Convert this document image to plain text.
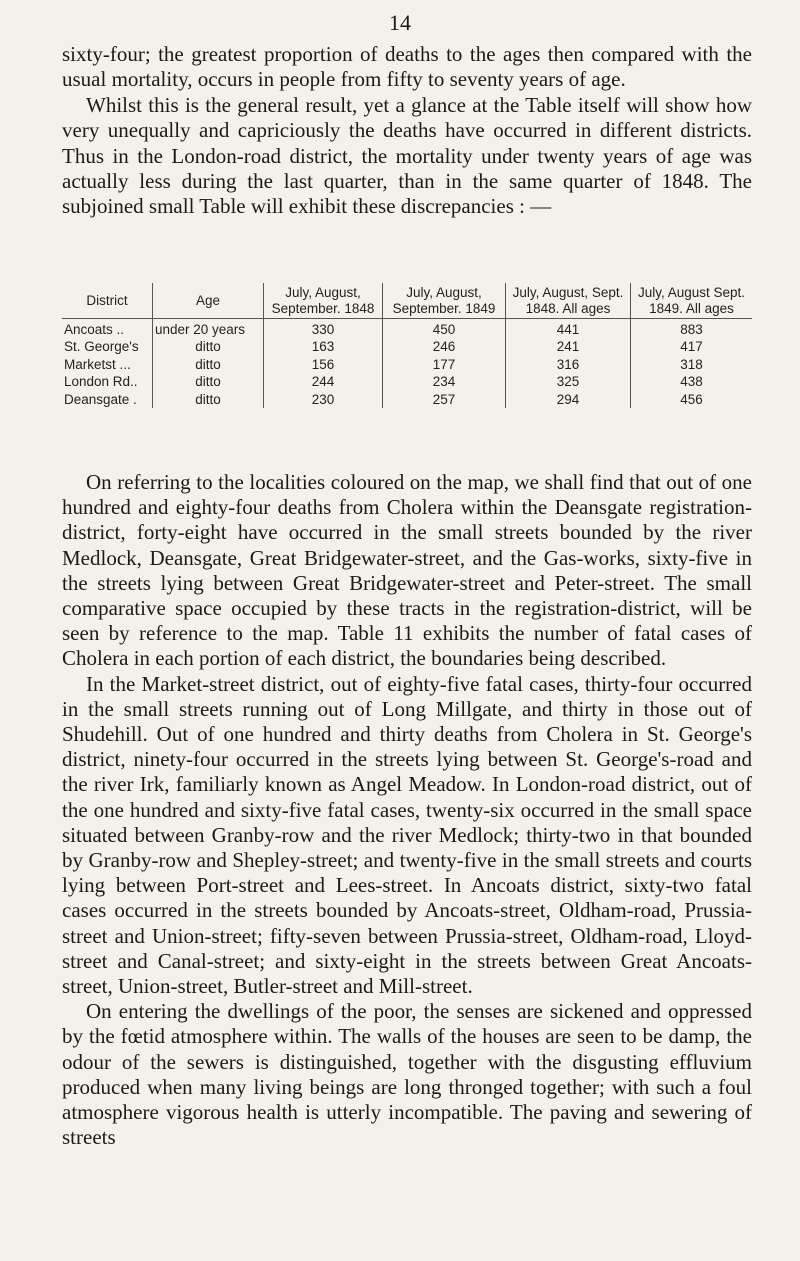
14

sixty-four; the greatest proportion of deaths to the ages then compared with the usual mortality, occurs in people from fifty to seventy years of age.

Whilst this is the general result, yet a glance at the Table itself will show how very unequally and capriciously the deaths have occurred in different districts. Thus in the London-road district, the mortality under twenty years of age was actually less during the last quarter, than in the same quarter of 1848. The subjoined small Table will exhibit these discrepancies : —

District	Age	July, August, September. 1848	July, August, September. 1849	July, August, Sept. 1848. All ages	July, August Sept. 1849. All ages
Ancoats ..	under 20 years	330	450	441	883
St. George's	ditto	163	246	241	417
Marketst ...	ditto	156	177	316	318
London Rd..	ditto	244	234	325	438
Deansgate .	ditto	230	257	294	456

On referring to the localities coloured on the map, we shall find that out of one hundred and eighty-four deaths from Cholera within the Deansgate registration-district, forty-eight have occurred in the small streets bounded by the river Medlock, Deansgate, Great Bridgewater-street, and the Gas-works, sixty-five in the streets lying between Great Bridgewater-street and Peter-street. The small comparative space occupied by these tracts in the registration-district, will be seen by reference to the map. Table 11 exhibits the number of fatal cases of Cholera in each portion of each district, the boundaries being described.

In the Market-street district, out of eighty-five fatal cases, thirty-four occurred in the small streets running out of Long Millgate, and thirty in those out of Shudehill. Out of one hundred and thirty deaths from Cholera in St. George's district, ninety-four occurred in the streets lying between St. George's-road and the river Irk, familiarly known as Angel Meadow. In London-road district, out of the one hundred and sixty-five fatal cases, twenty-six occurred in the small space situated between Granby-row and the river Medlock; thirty-two in that bounded by Granby-row and Shepley-street; and twenty-five in the small streets and courts lying between Port-street and Lees-street. In Ancoats district, sixty-two fatal cases occurred in the streets bounded by Ancoats-street, Oldham-road, Prussia-street and Union-street; fifty-seven between Prussia-street, Oldham-road, Lloyd-street and Canal-street; and sixty-eight in the streets between Great Ancoats-street, Union-street, Butler-street and Mill-street.

On entering the dwellings of the poor, the senses are sickened and oppressed by the fœtid atmosphere within. The walls of the houses are seen to be damp, the odour of the sewers is distinguished, together with the disgusting effluvium produced when many living beings are long thronged together; with such a foul atmosphere vigorous health is utterly incompatible. The paving and sewering of streets
